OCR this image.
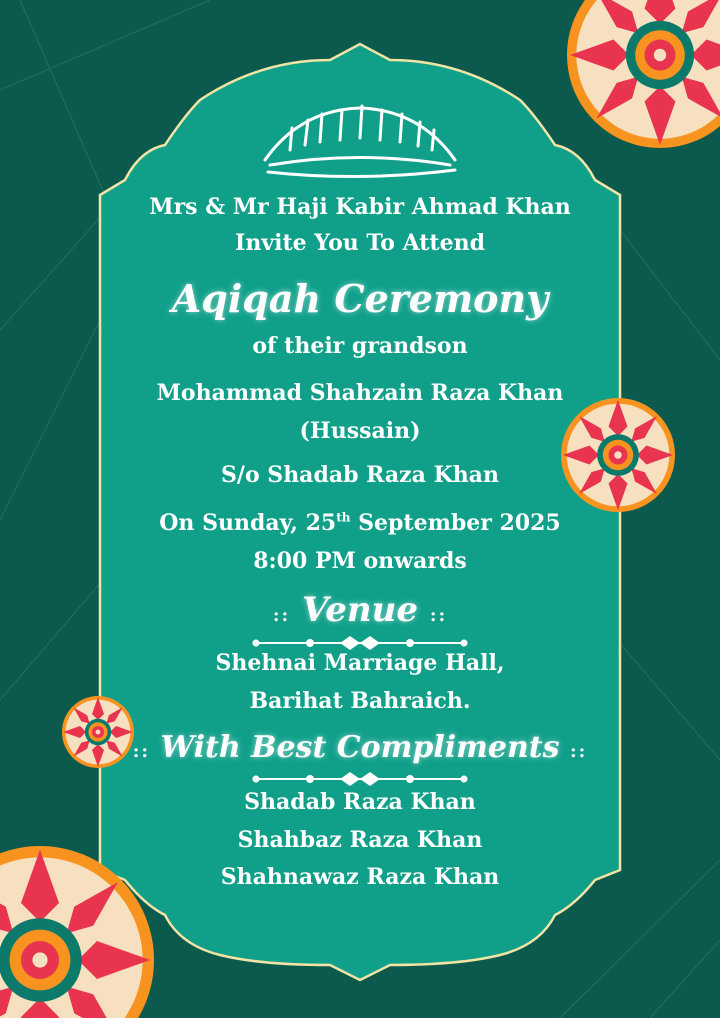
Mrs & Mr Haji Kabir Ahmad Khan
Invite You To Attend
Aqiqah Ceremony
of their grandson
Mohammad Shahzain Raza Khan
(Hussain)
S/o Shadab Raza Khan
On Sunday, 25th September 2025
8:00 PM onwards
:: Venue ::
Shehnai Marriage Hall,
Barihat Bahraich.
:: With Best Compliments ::
Shadab Raza Khan
Shahbaz Raza Khan
Shahnawaz Raza Khan
